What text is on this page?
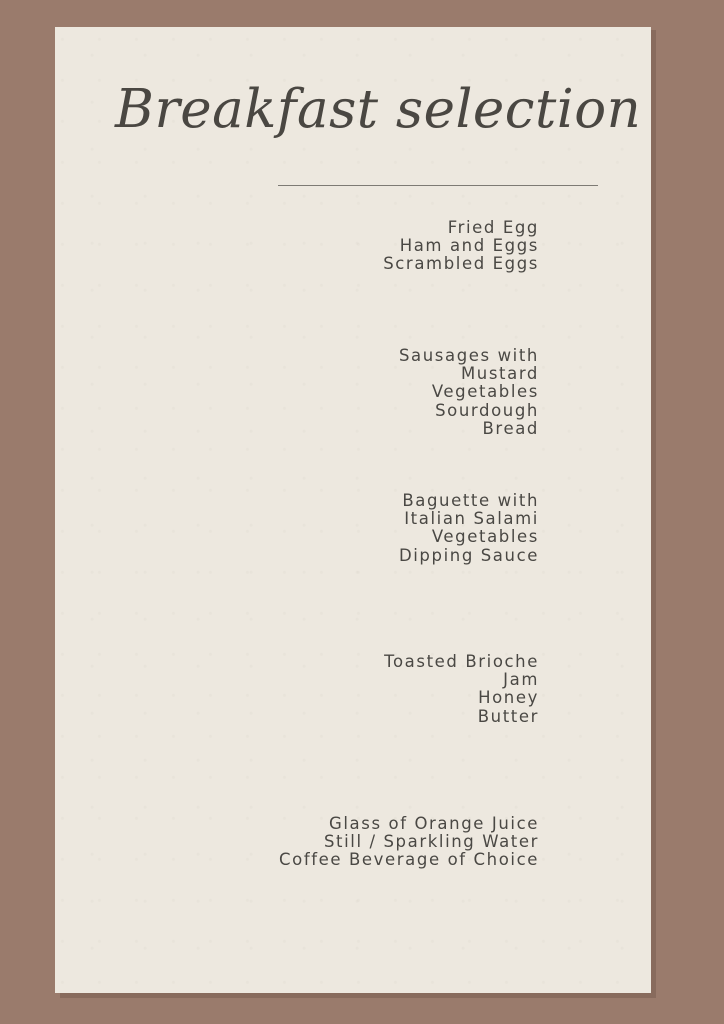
Breakfast selection
Fried Egg
Ham and Eggs
Scrambled Eggs
Sausages with
Mustard
Vegetables
Sourdough
Bread
Baguette with
Italian Salami
Vegetables
Dipping Sauce
Toasted Brioche
Jam
Honey
Butter
Glass of Orange Juice
Still / Sparkling Water
Coffee Beverage of Choice
